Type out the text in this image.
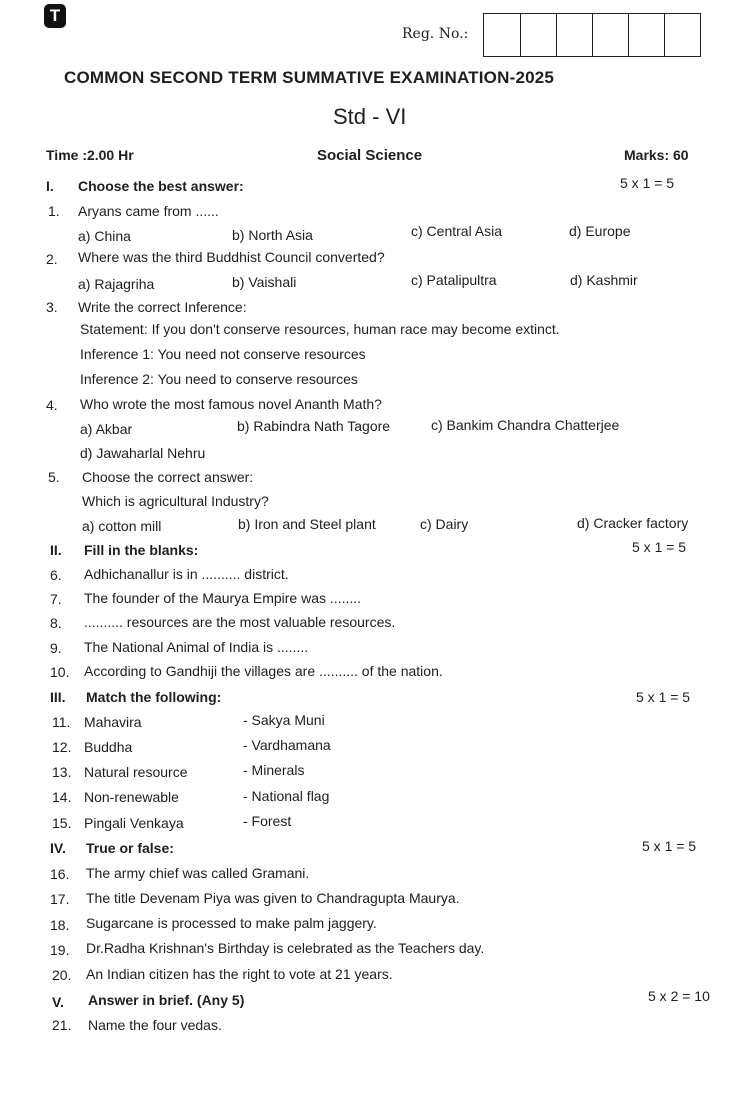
T
Reg. No.:
COMMON SECOND TERM SUMMATIVE EXAMINATION-2025
Std - VI
Time :2.00 Hr	Social Science	Marks: 60
I. Choose the best answer:	5 x 1 = 5
1. Aryans came from ......
a) China	b) North Asia	c) Central Asia	d) Europe
2. Where was the third Buddhist Council converted?
a) Rajagriha	b) Vaishali	c) Patalipultra	d) Kashmir
3. Write the correct Inference:
Statement: If you don't conserve resources, human race may become extinct.
Inference 1: You need not conserve resources
Inference 2: You need to conserve resources
4. Who wrote the most famous novel Ananth Math?
a) Akbar	b) Rabindra Nath Tagore	c) Bankim Chandra Chatterjee
d) Jawaharlal Nehru
5. Choose the correct answer:
Which is agricultural Industry?
a) cotton mill	b) Iron and Steel plant	c) Dairy	d) Cracker factory
II. Fill in the blanks:	5 x 1 = 5
6. Adhichanallur is in .......... district.
7. The founder of the Maurya Empire was ........
8. .......... resources are the most valuable resources.
9. The National Animal of India is ........
10. According to Gandhiji the villages are .......... of the nation.
III. Match the following:	5 x 1 = 5
11. Mahavira	- Sakya Muni
12. Buddha	- Vardhamana
13. Natural resource	- Minerals
14. Non-renewable	- National flag
15. Pingali Venkaya	- Forest
IV. True or false:	5 x 1 = 5
16. The army chief was called Gramani.
17. The title Devenam Piya was given to Chandragupta Maurya.
18. Sugarcane is processed to make palm jaggery.
19. Dr.Radha Krishnan's Birthday is celebrated as the Teachers day.
20. An Indian citizen has the right to vote at 21 years.
V. Answer in brief. (Any 5)	5 x 2 = 10
21. Name the four vedas.
